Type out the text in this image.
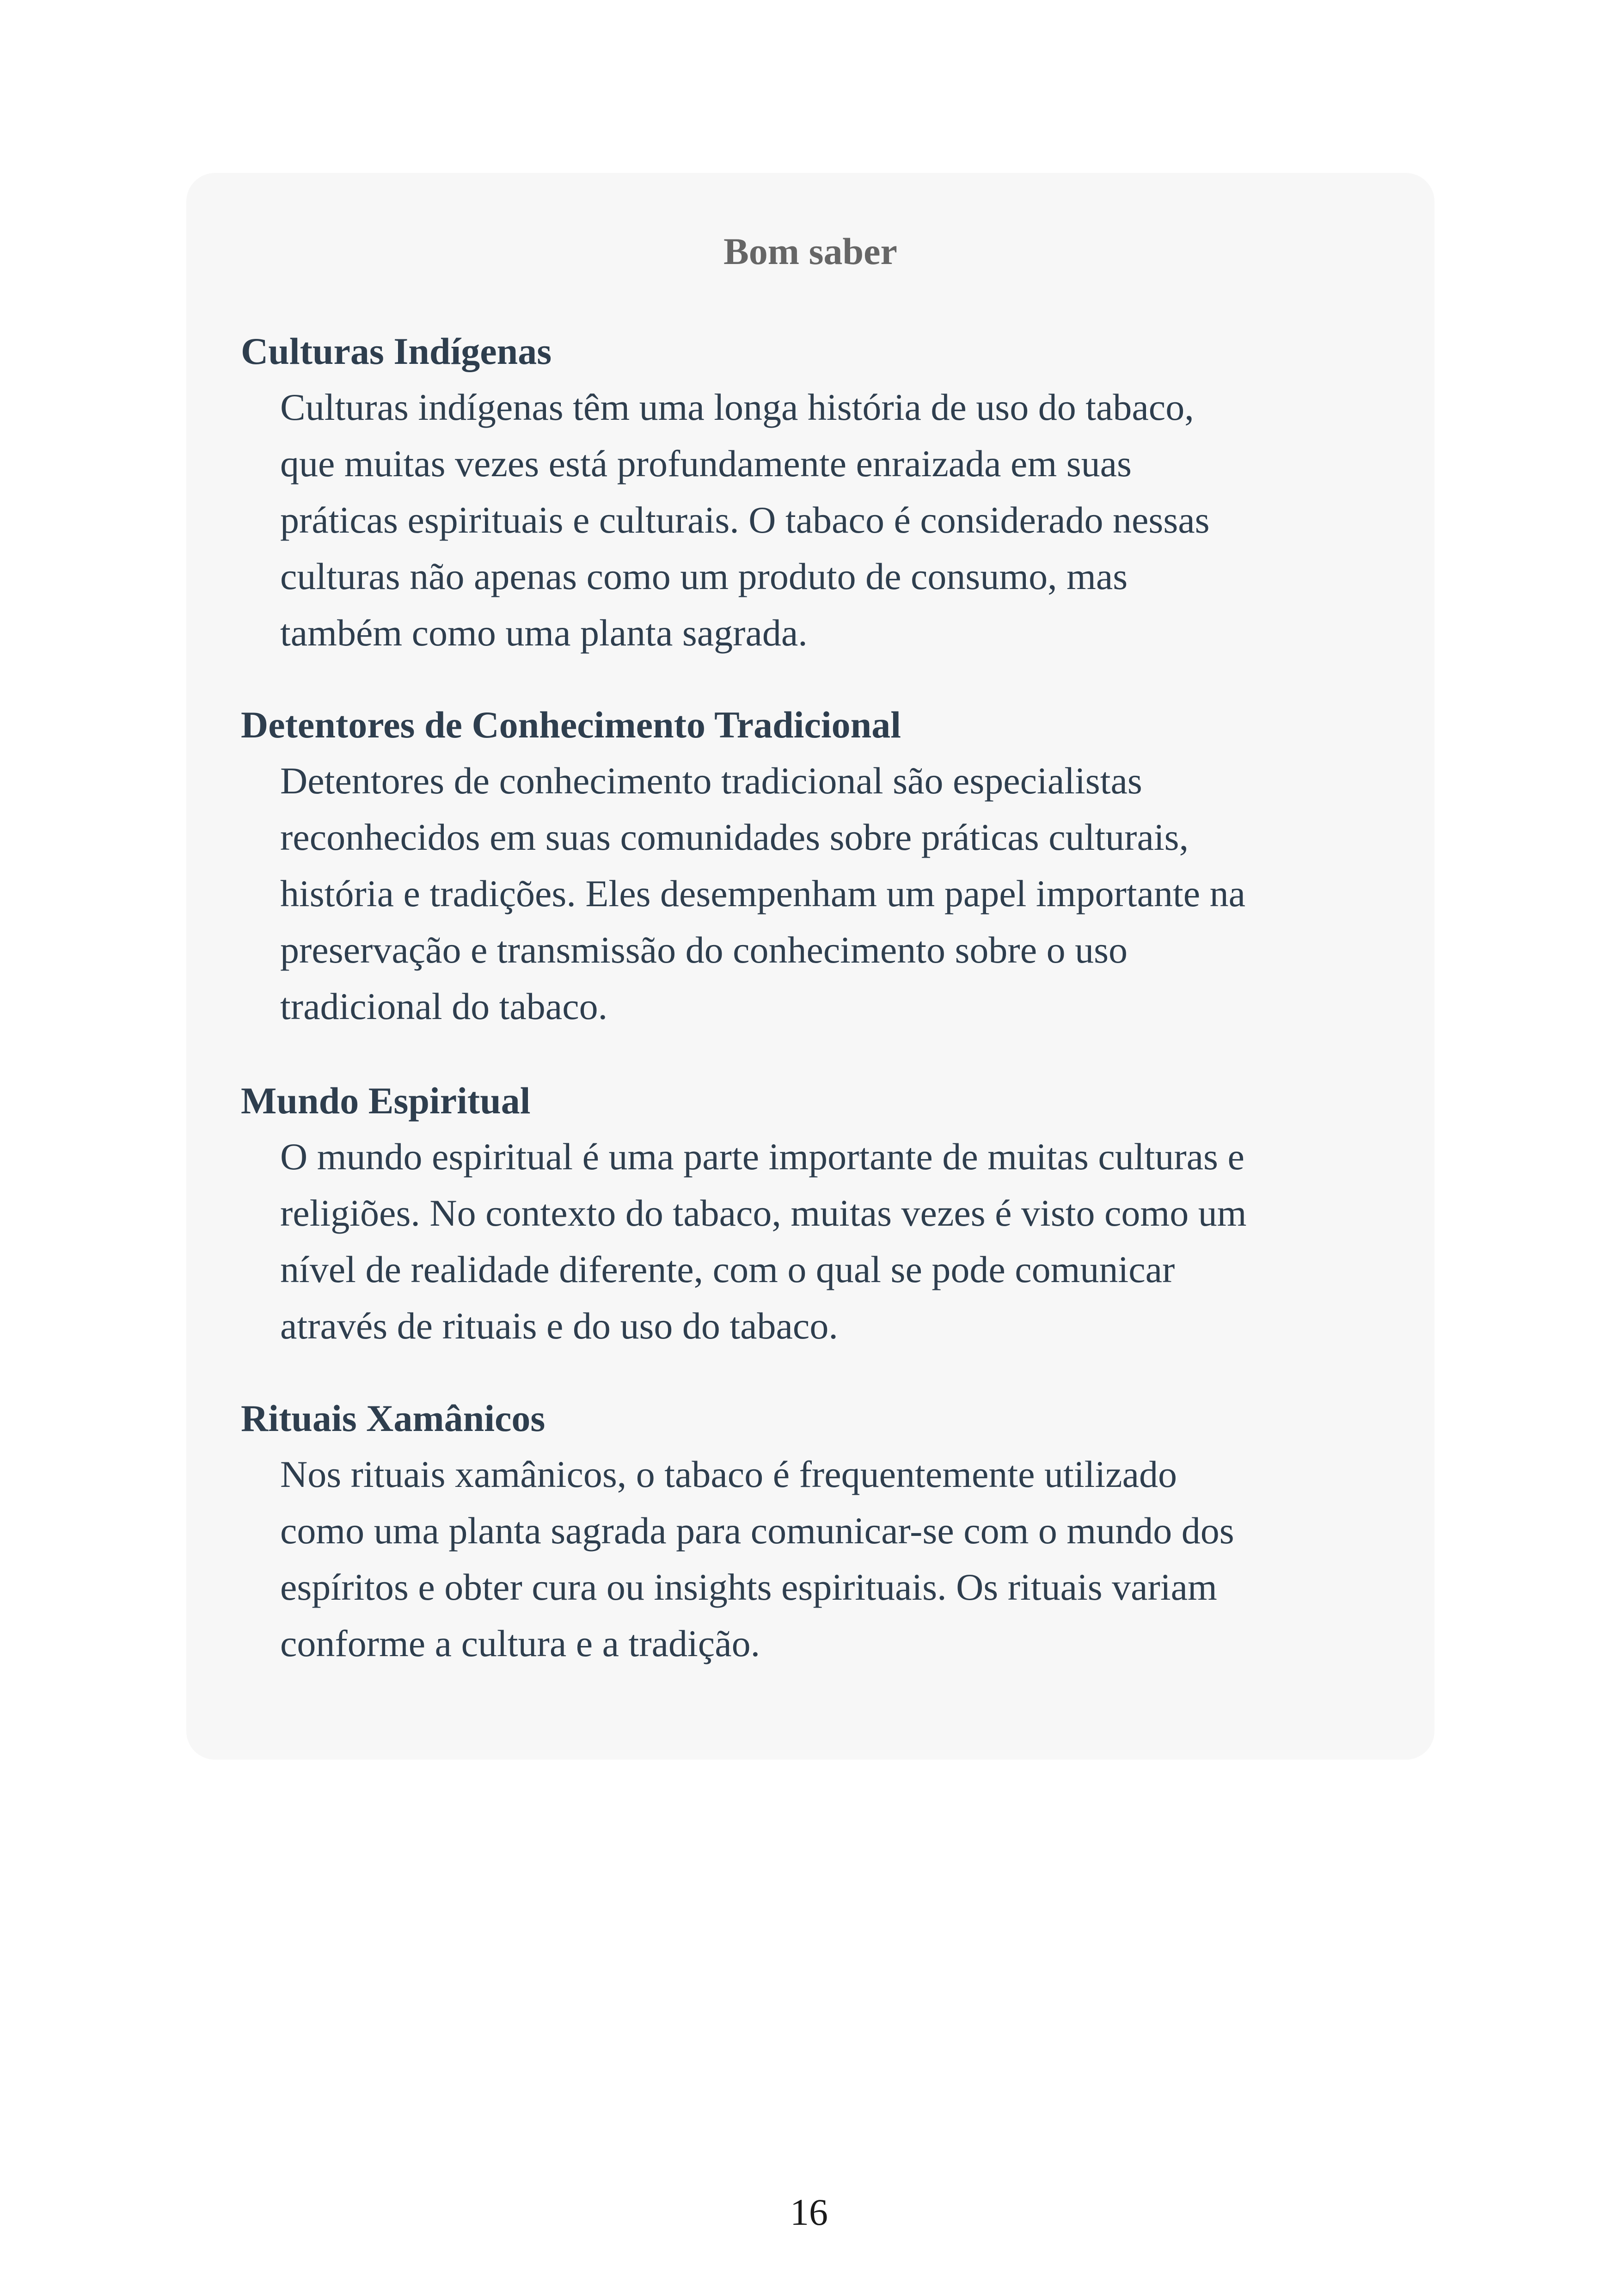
Bom saber
Culturas Indígenas

Culturas indígenas têm uma longa história de uso do tabaco,
que muitas vezes está profundamente enraizada em suas
práticas espirituais e culturais. O tabaco é considerado nessas
culturas não apenas como um produto de consumo, mas
também como uma planta sagrada.

Detentores de Conhecimento Tradicional

Detentores de conhecimento tradicional são especialistas
reconhecidos em suas comunidades sobre práticas culturais,
história e tradições. Eles desempenham um papel importante na
preservação e transmissão do conhecimento sobre o uso
tradicional do tabaco.

Mundo Espiritual

O mundo espiritual é uma parte importante de muitas culturas e
religiões. No contexto do tabaco, muitas vezes é visto como um
nível de realidade diferente, com o qual se pode comunicar
através de rituais e do uso do tabaco.

Rituais Xamânicos

Nos rituais xamânicos, o tabaco é frequentemente utilizado
como uma planta sagrada para comunicar-se com o mundo dos
espíritos e obter cura ou insights espirituais. Os rituais variam
conforme a cultura e a tradição.

16
